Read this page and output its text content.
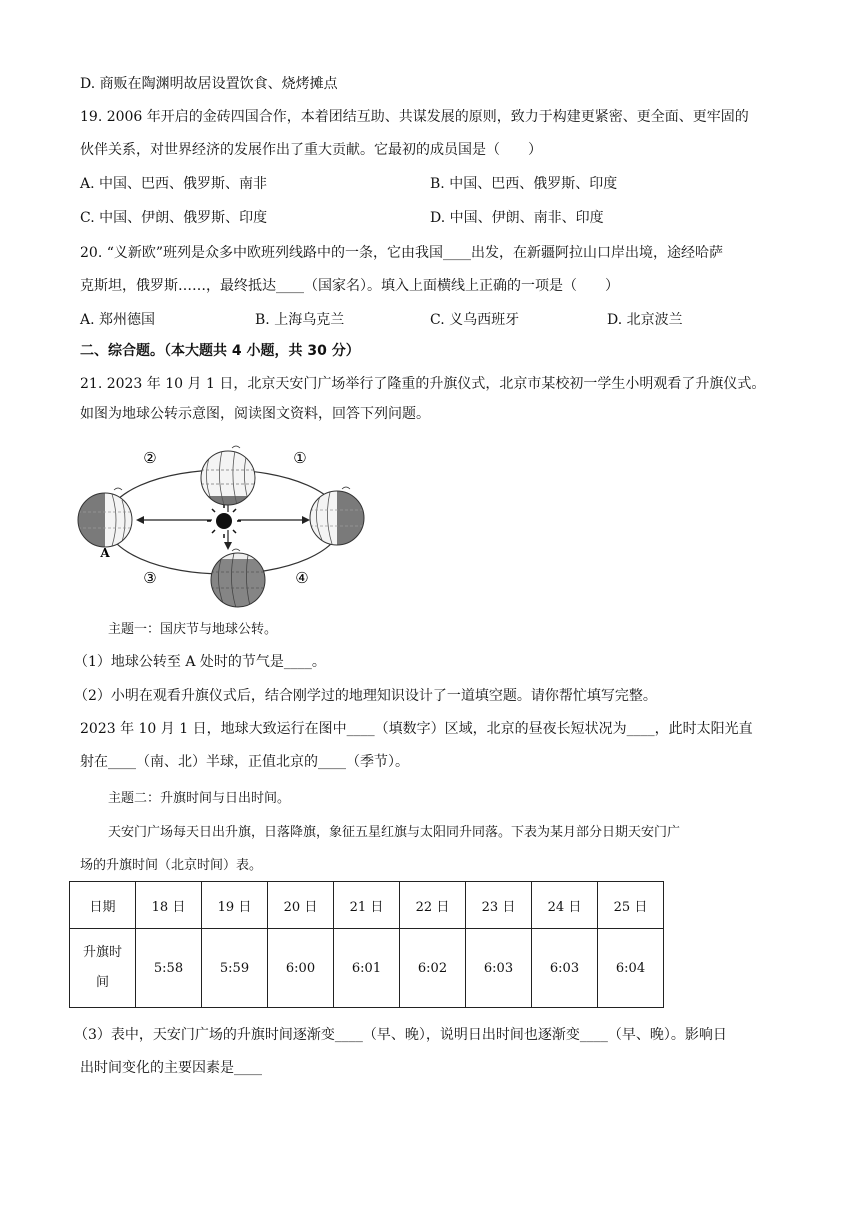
D. 商贩在陶渊明故居设置饮食、烧烤摊点
19. 2006 年开启的金砖四国合作，本着团结互助、共谋发展的原则，致力于构建更紧密、更全面、更牢固的
伙伴关系，对世界经济的发展作出了重大贡献。它最初的成员国是（　　）
A. 中国、巴西、俄罗斯、南非	B. 中国、巴西、俄罗斯、印度
C. 中国、伊朗、俄罗斯、印度	D. 中国、伊朗、南非、印度
20. “义新欧”班列是众多中欧班列线路中的一条，它由我国____出发，在新疆阿拉山口岸出境，途经哈萨
克斯坦，俄罗斯……，最终抵达____（国家名）。填入上面横线上正确的一项是（　　）
A. 郑州德国	B. 上海乌克兰	C. 义乌西班牙	D. 北京波兰
二、综合题。（本大题共 4 小题，共 30 分）
21. 2023 年 10 月 1 日，北京天安门广场举行了隆重的升旗仪式，北京市某校初一学生小明观看了升旗仪式。
如图为地球公转示意图，阅读图文资料，回答下列问题。
②	①
③	④
A
主题一：国庆节与地球公转。
（1）地球公转至 A 处时的节气是____。
（2）小明在观看升旗仪式后，结合刚学过的地理知识设计了一道填空题。请你帮忙填写完整。
2023 年 10 月 1 日，地球大致运行在图中____（填数字）区域，北京的昼夜长短状况为____，此时太阳光直
射在____（南、北）半球，正值北京的____（季节）。
主题二：升旗时间与日出时间。
天安门广场每天日出升旗，日落降旗，象征五星红旗与太阳同升同落。下表为某月部分日期天安门广
场的升旗时间（北京时间）表。
日期	18 日	19 日	20 日	21 日	22 日	23 日	24 日	25 日
升旗时
间	5:58	5:59	6:00	6:01	6:02	6:03	6:03	6:04
（3）表中，天安门广场的升旗时间逐渐变____（早、晚），说明日出时间也逐渐变____（早、晚）。影响日
出时间变化的主要因素是____
